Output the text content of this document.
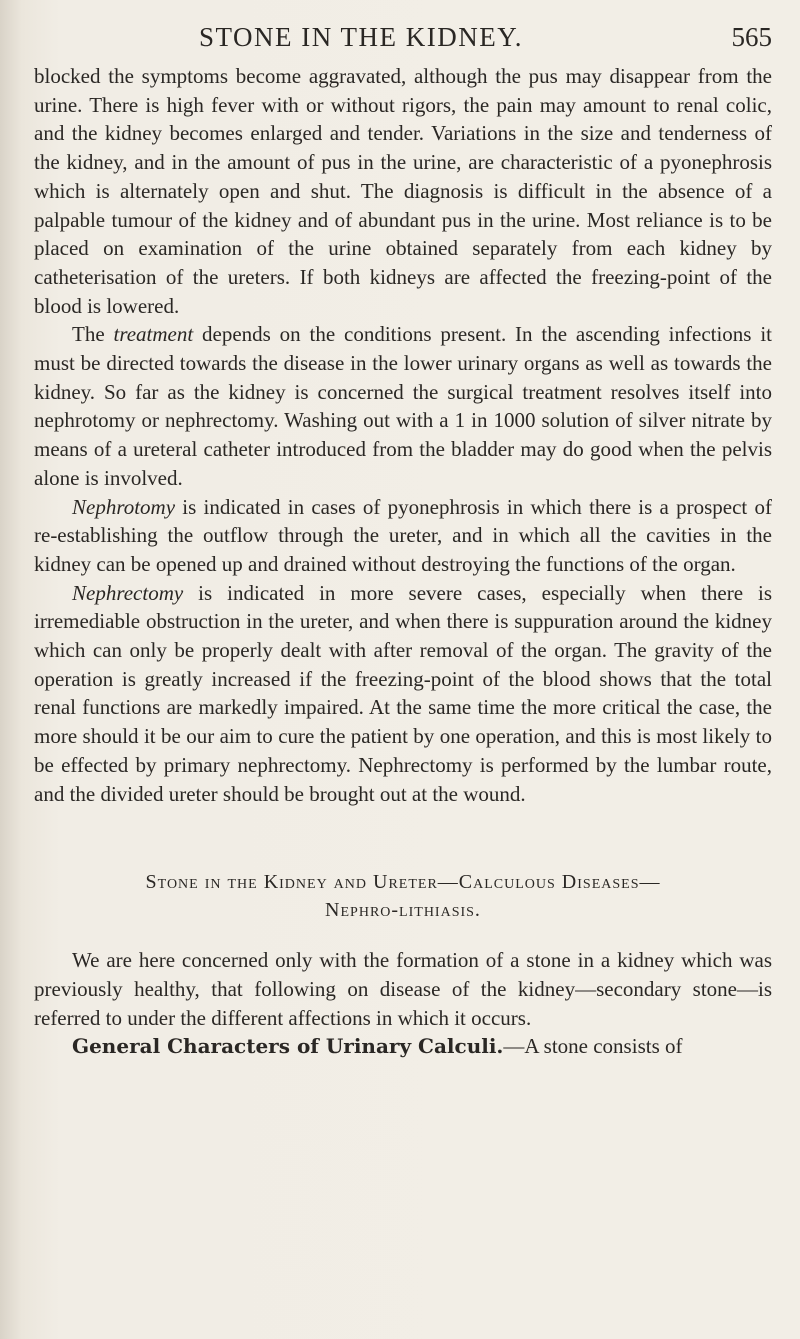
STONE IN THE KIDNEY.	565

blocked the symptoms become aggravated, although the pus may disappear from the urine. There is high fever with or without rigors, the pain may amount to renal colic, and the kidney becomes enlarged and tender. Variations in the size and tenderness of the kidney, and in the amount of pus in the urine, are characteristic of a pyonephrosis which is alternately open and shut. The diagnosis is difficult in the absence of a palpable tumour of the kidney and of abundant pus in the urine. Most reliance is to be placed on examination of the urine obtained separately from each kidney by catheterisation of the ureters. If both kidneys are affected the freezing-point of the blood is lowered.

The treatment depends on the conditions present. In the ascending infections it must be directed towards the disease in the lower urinary organs as well as towards the kidney. So far as the kidney is concerned the surgical treatment resolves itself into nephrotomy or nephrectomy. Washing out with a 1 in 1000 solution of silver nitrate by means of a ureteral catheter introduced from the bladder may do good when the pelvis alone is involved.

Nephrotomy is indicated in cases of pyonephrosis in which there is a prospect of re-establishing the outflow through the ureter, and in which all the cavities in the kidney can be opened up and drained without destroying the functions of the organ.

Nephrectomy is indicated in more severe cases, especially when there is irremediable obstruction in the ureter, and when there is suppuration around the kidney which can only be properly dealt with after removal of the organ. The gravity of the operation is greatly increased if the freezing-point of the blood shows that the total renal functions are markedly impaired. At the same time the more critical the case, the more should it be our aim to cure the patient by one operation, and this is most likely to be effected by primary nephrectomy. Nephrectomy is performed by the lumbar route, and the divided ureter should be brought out at the wound.

Stone in the Kidney and Ureter—Calculous Diseases—
Nephro-lithiasis.

We are here concerned only with the formation of a stone in a kidney which was previously healthy, that following on disease of the kidney—secondary stone—is referred to under the different affections in which it occurs.

General Characters of Urinary Calculi.—A stone consists of
